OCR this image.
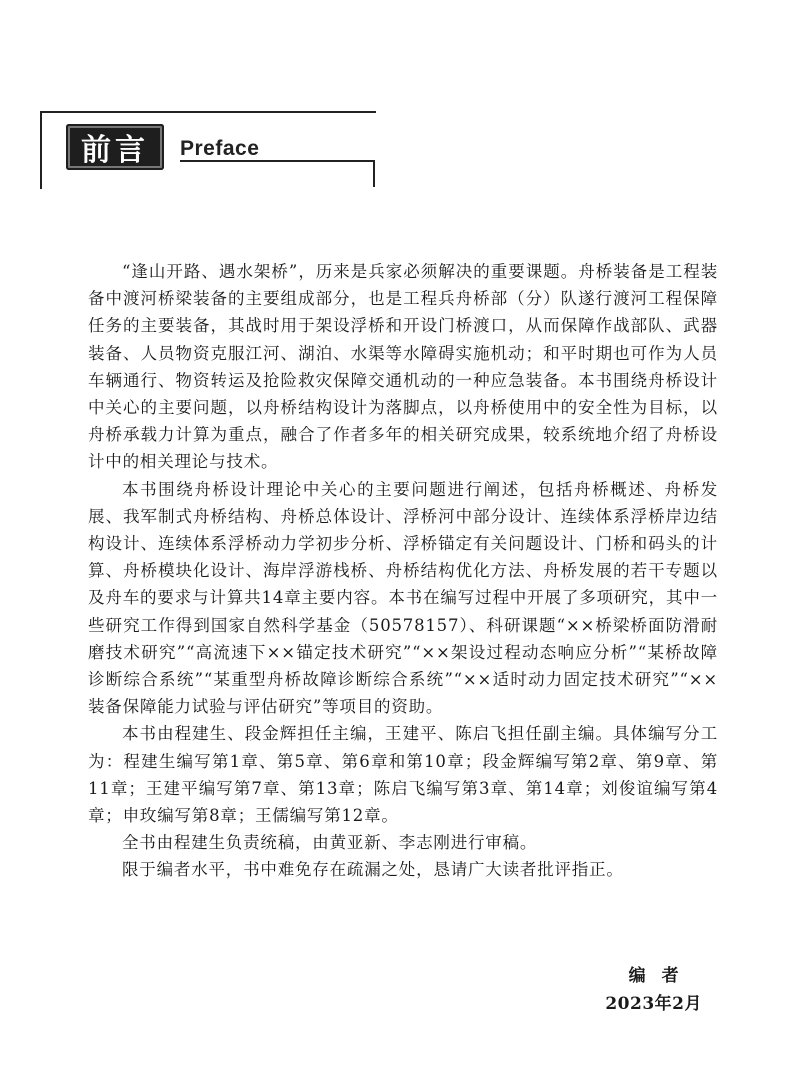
前言 Preface

“逢山开路、遇水架桥”，历来是兵家必须解决的重要课题。舟桥装备是工程装备中渡河桥梁装备的主要组成部分，也是工程兵舟桥部（分）队遂行渡河工程保障任务的主要装备，其战时用于架设浮桥和开设门桥渡口，从而保障作战部队、武器装备、人员物资克服江河、湖泊、水渠等水障碍实施机动；和平时期也可作为人员车辆通行、物资转运及抢险救灾保障交通机动的一种应急装备。本书围绕舟桥设计中关心的主要问题，以舟桥结构设计为落脚点，以舟桥使用中的安全性为目标，以舟桥承载力计算为重点，融合了作者多年的相关研究成果，较系统地介绍了舟桥设计中的相关理论与技术。

本书围绕舟桥设计理论中关心的主要问题进行阐述，包括舟桥概述、舟桥发展、我军制式舟桥结构、舟桥总体设计、浮桥河中部分设计、连续体系浮桥岸边结构设计、连续体系浮桥动力学初步分析、浮桥锚定有关问题设计、门桥和码头的计算、舟桥模块化设计、海岸浮游栈桥、舟桥结构优化方法、舟桥发展的若干专题以及舟车的要求与计算共14章主要内容。本书在编写过程中开展了多项研究，其中一些研究工作得到国家自然科学基金（50578157）、科研课题“××桥梁桥面防滑耐磨技术研究”“高流速下××锚定技术研究”“××架设过程动态响应分析”“某桥故障诊断综合系统”“某重型舟桥故障诊断综合系统”“××适时动力固定技术研究”“××装备保障能力试验与评估研究”等项目的资助。

本书由程建生、段金辉担任主编，王建平、陈启飞担任副主编。具体编写分工为：程建生编写第1章、第5章、第6章和第10章；段金辉编写第2章、第9章、第11章；王建平编写第7章、第13章；陈启飞编写第3章、第14章；刘俊谊编写第4章；申玫编写第8章；王儒编写第12章。

全书由程建生负责统稿，由黄亚新、李志刚进行审稿。

限于编者水平，书中难免存在疏漏之处，恳请广大读者批评指正。

编者
2023年2月
